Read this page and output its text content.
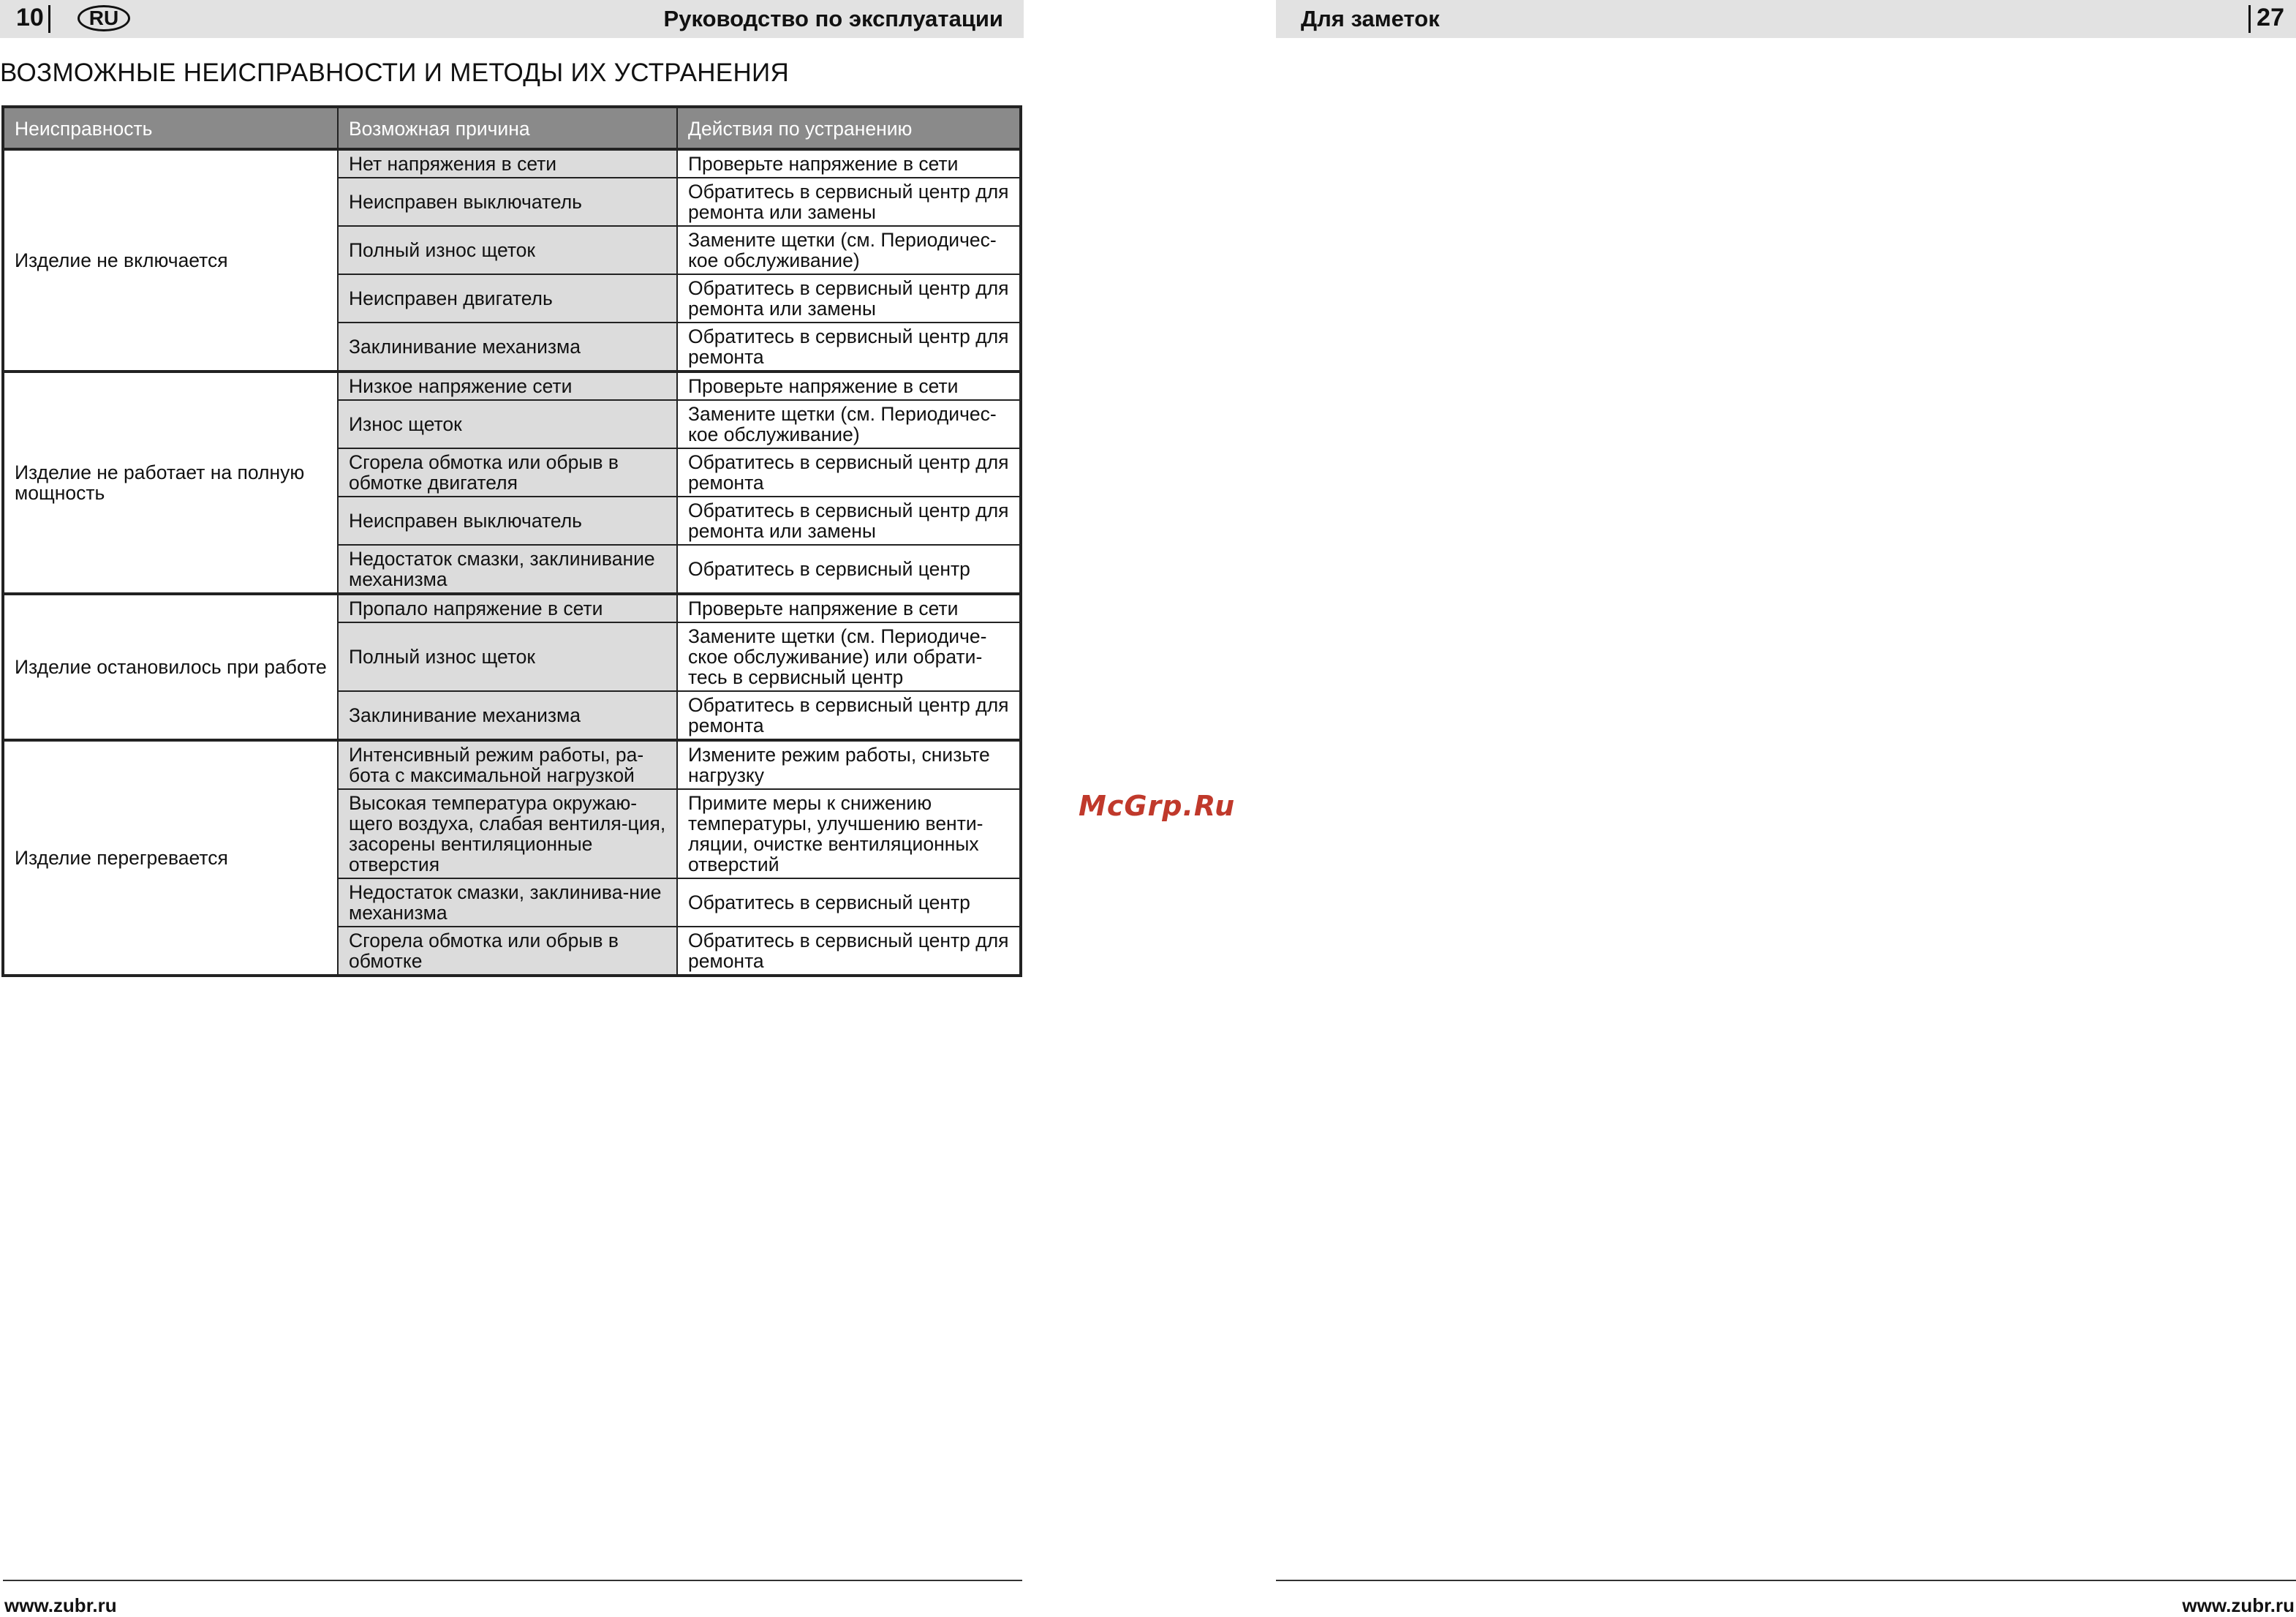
10	RU	Руководство по эксплуатации
ВОЗМОЖНЫЕ НЕИСПРАВНОСТИ И МЕТОДЫ ИХ УСТРАНЕНИЯ
Неисправность	Возможная причина	Действия по устранению
Изделие не включается	Нет напряжения в сети	Проверьте напряжение в сети
	Неисправен выключатель	Обратитесь в сервисный центр для ремонта или замены
	Полный износ щеток	Замените щетки (см. Периодичес-кое обслуживание)
	Неисправен двигатель	Обратитесь в сервисный центр для ремонта или замены
	Заклинивание механизма	Обратитесь в сервисный центр для ремонта
Изделие не работает на полную мощность	Низкое напряжение сети	Проверьте напряжение в сети
	Износ щеток	Замените щетки (см. Периодичес-кое обслуживание)
	Сгорела обмотка или обрыв в обмотке двигателя	Обратитесь в сервисный центр для ремонта
	Неисправен выключатель	Обратитесь в сервисный центр для ремонта или замены
	Недостаток смазки, заклинивание механизма	Обратитесь в сервисный центр
Изделие остановилось при работе	Пропало напряжение в сети	Проверьте напряжение в сети
	Полный износ щеток	Замените щетки (см. Периодиче-ское обслуживание) или обрати-тесь в сервисный центр
	Заклинивание механизма	Обратитесь в сервисный центр для ремонта
Изделие перегревается	Интенсивный режим работы, ра-бота с максимальной нагрузкой	Измените режим работы, снизьте нагрузку
	Высокая температура окружаю-щего воздуха, слабая вентиля-ция, засорены вентиляционные отверстия	Примите меры к снижению температуры, улучшению венти-ляции, очистке вентиляционных отверстий
	Недостаток смазки, заклинива-ние механизма	Обратитесь в сервисный центр
	Сгорела обмотка или обрыв в обмотке	Обратитесь в сервисный центр для ремонта
www.zubr.ru
McGrp.Ru
Для заметок	27
www.zubr.ru
